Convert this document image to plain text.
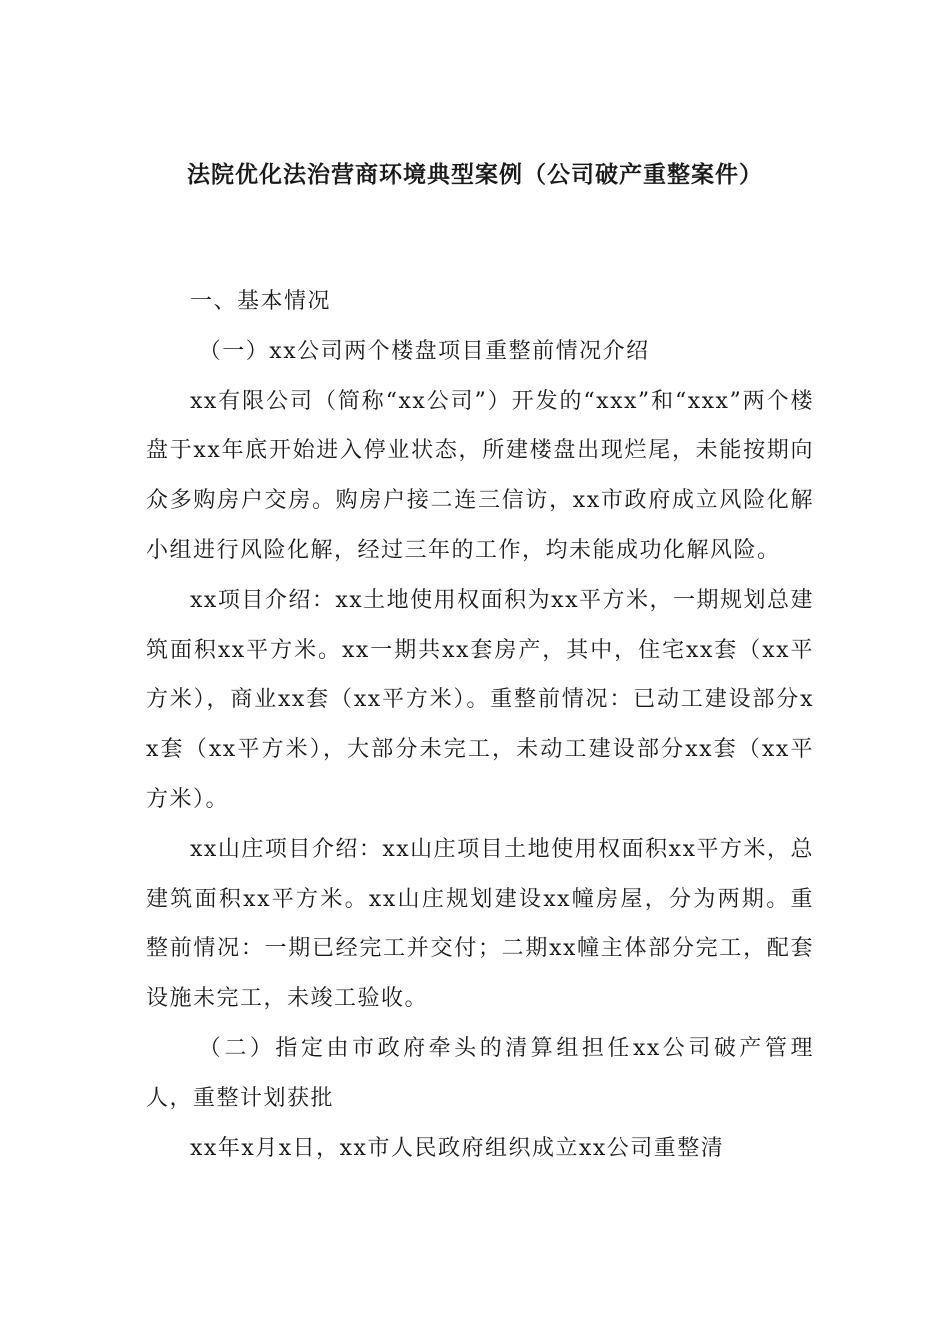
法院优化法治营商环境典型案例（公司破产重整案件）

一、基本情况

（一）xx公司两个楼盘项目重整前情况介绍

xx有限公司（简称“xx公司”）开发的“xxx”和“xxx”两个楼盘于xx年底开始进入停业状态，所建楼盘出现烂尾，未能按期向众多购房户交房。购房户接二连三信访，xx市政府成立风险化解小组进行风险化解，经过三年的工作，均未能成功化解风险。

xx项目介绍：xx土地使用权面积为xx平方米，一期规划总建筑面积xx平方米。xx一期共xx套房产，其中，住宅xx套（xx平方米），商业xx套（xx平方米）。重整前情况：已动工建设部分xx套（xx平方米），大部分未完工，未动工建设部分xx套（xx平方米）。

xx山庄项目介绍：xx山庄项目土地使用权面积xx平方米，总建筑面积xx平方米。xx山庄规划建设xx幢房屋，分为两期。重整前情况：一期已经完工并交付；二期xx幢主体部分完工，配套设施未完工，未竣工验收。

（二）指定由市政府牵头的清算组担任xx公司破产管理人，重整计划获批

xx年x月x日，xx市人民政府组织成立xx公司重整清
